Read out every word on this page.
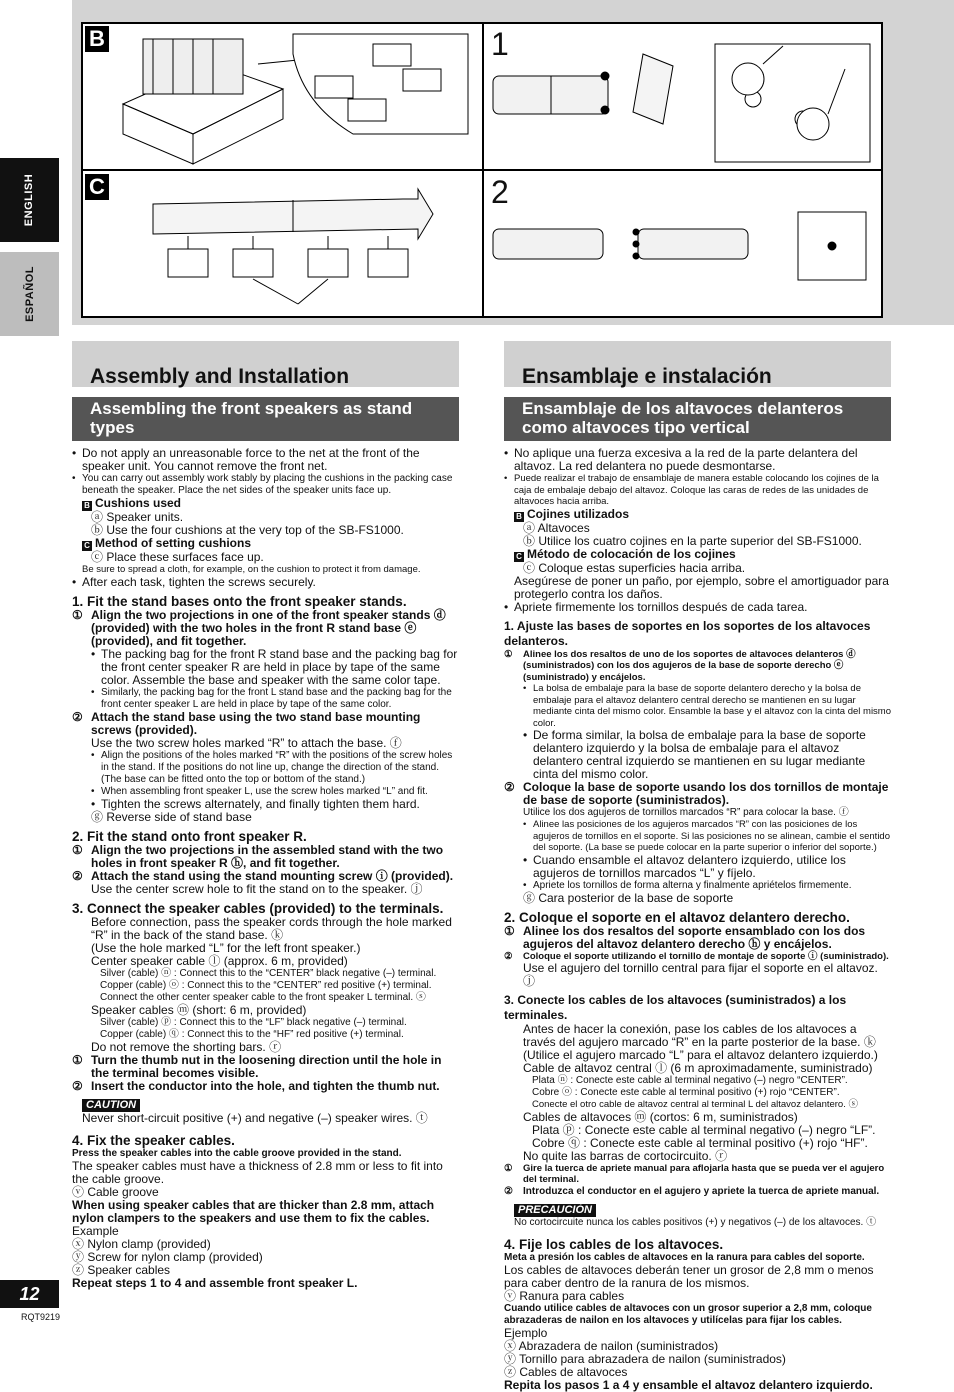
ENGLISH
ESPAÑOL
B
C
1
2
Assembly and Installation
Assembling the front speakers as stand types
• Do not apply an unreasonable force to the net at the front of the speaker unit. You cannot remove the front net.
• You can carry out assembly work stably by placing the cushions in the packing case beneath the speaker. Place the net sides of the speaker units face up.
B Cushions used
ⓐ Speaker units.
ⓑ Use the four cushions at the very top of the SB-FS1000.
C Method of setting cushions
ⓒ Place these surfaces face up.
Be sure to spread a cloth, for example, on the cushion to protect it from damage.
• After each task, tighten the screws securely.
1. Fit the stand bases onto the front speaker stands.
① Align the two projections in one of the front speaker stands ⓓ (provided) with the two holes in the front R stand base ⓔ (provided), and fit together.
• The packing bag for the front R stand base and the packing bag for the front center speaker R are held in place by tape of the same color. Assemble the base and speaker with the same color tape.
• Similarly, the packing bag for the front L stand base and the packing bag for the front center speaker L are held in place by tape of the same color.
② Attach the stand base using the two stand base mounting screws (provided).
Use the two screw holes marked “R” to attach the base. ⓕ
• Align the positions of the holes marked “R” with the positions of the screw holes in the stand. If the positions do not line up, change the direction of the stand. (The base can be fitted onto the top or bottom of the stand.)
• When assembling front speaker L, use the screw holes marked “L” and fit.
• Tighten the screws alternately, and finally tighten them hard.
ⓖ Reverse side of stand base
2. Fit the stand onto front speaker R.
① Align the two projections in the assembled stand with the two holes in front speaker R ⓗ, and fit together.
② Attach the stand using the stand mounting screw ⓘ (provided).
Use the center screw hole to fit the stand on to the speaker. ⓙ
3. Connect the speaker cables (provided) to the terminals.
Before connection, pass the speaker cords through the hole marked “R” in the back of the stand base. ⓚ
(Use the hole marked “L” for the left front speaker.)
Center speaker cable ⓛ (approx. 6 m, provided)
Silver (cable) ⓝ : Connect this to the “CENTER” black negative (–) terminal.
Copper (cable) ⓞ : Connect this to the “CENTER” red positive (+) terminal.
Connect the other center speaker cable to the front speaker L terminal. ⓢ
Speaker cables ⓜ (short: 6 m, provided)
Silver (cable) ⓟ : Connect this to the “LF” black negative (–) terminal.
Copper (cable) ⓠ : Connect this to the “HF” red positive (+) terminal.
Do not remove the shorting bars. ⓡ
① Turn the thumb nut in the loosening direction until the hole in the terminal becomes visible.
② Insert the conductor into the hole, and tighten the thumb nut.
CAUTION
Never short-circuit positive (+) and negative (–) speaker wires. ⓣ
4. Fix the speaker cables.
Press the speaker cables into the cable groove provided in the stand.
The speaker cables must have a thickness of 2.8 mm or less to fit into the cable groove.
ⓥ Cable groove
When using speaker cables that are thicker than 2.8 mm, attach nylon clampers to the speakers and use them to fix the cables.
Example
ⓧ Nylon clamp (provided)
ⓨ Screw for nylon clamp (provided)
ⓩ Speaker cables
Repeat steps 1 to 4 and assemble front speaker L.
Ensamblaje e instalación
Ensamblaje de los altavoces delanteros como altavoces tipo vertical
• No aplique una fuerza excesiva a la red de la parte delantera del altavoz. La red delantera no puede desmontarse.
• Puede realizar el trabajo de ensamblaje de manera estable colocando los cojines de la caja de embalaje debajo del altavoz. Coloque las caras de redes de las unidades de altavoces hacia arriba.
B Cojines utilizados
ⓐ Altavoces
ⓑ Utilice los cuatro cojines en la parte superior del SB-FS1000.
C Método de colocación de los cojines
ⓒ Coloque estas superficies hacia arriba.
Asegúrese de poner un paño, por ejemplo, sobre el amortiguador para protegerlo contra los daños.
• Apriete firmemente los tornillos después de cada tarea.
1. Ajuste las bases de soportes en los soportes de los altavoces delanteros.
① Alinee los dos resaltos de uno de los soportes de altavoces delanteros ⓓ (suministrados) con los dos agujeros de la base de soporte derecho ⓔ (suministrado) y encájelos.
• La bolsa de embalaje para la base de soporte delantero derecho y la bolsa de embalaje para el altavoz delantero central derecho se mantienen en su lugar mediante cinta del mismo color. Ensamble la base y el altavoz con la cinta del mismo color.
• De forma similar, la bolsa de embalaje para la base de soporte delantero izquierdo y la bolsa de embalaje para el altavoz delantero central izquierdo se mantienen en su lugar mediante cinta del mismo color.
② Coloque la base de soporte usando los dos tornillos de montaje de base de soporte (suministrados).
Utilice los dos agujeros de tornillos marcados “R” para colocar la base. ⓕ
• Alinee las posiciones de los agujeros marcados “R” con las posiciones de los agujeros de tornillos en el soporte. Si las posiciones no se alinean, cambie el sentido del soporte. (La base se puede colocar en la parte superior o inferior del soporte.)
• Cuando ensamble el altavoz delantero izquierdo, utilice los agujeros de tornillos marcados “L” y fíjelo.
• Apriete los tornillos de forma alterna y finalmente apriételos firmemente.
ⓖ Cara posterior de la base de soporte
2. Coloque el soporte en el altavoz delantero derecho.
① Alinee los dos resaltos del soporte ensamblado con los dos agujeros del altavoz delantero derecho ⓗ y encájelos.
② Coloque el soporte utilizando el tornillo de montaje de soporte ⓘ (suministrado).
Use el agujero del tornillo central para fijar el soporte en el altavoz. ⓙ
3. Conecte los cables de los altavoces (suministrados) a los terminales.
Antes de hacer la conexión, pase los cables de los altavoces a través del agujero marcado “R” en la parte posterior de la base. ⓚ
(Utilice el agujero marcado “L” para el altavoz delantero izquierdo.)
Cable de altavoz central ⓛ (6 m aproximadamente, suministrado)
Plata ⓝ : Conecte este cable al terminal negativo (–) negro “CENTER”.
Cobre ⓞ : Conecte este cable al terminal positivo (+) rojo “CENTER”.
Conecte el otro cable de altavoz central al terminal L del altavoz delantero. ⓢ
Cables de altavoces ⓜ (cortos: 6 m, suministrados)
Plata ⓟ : Conecte este cable al terminal negativo (–) negro “LF”.
Cobre ⓠ : Conecte este cable al terminal positivo (+) rojo “HF”.
No quite las barras de cortocircuito. ⓡ
① Gire la tuerca de apriete manual para aflojarla hasta que se pueda ver el agujero del terminal.
② Introduzca el conductor en el agujero y apriete la tuerca de apriete manual.
PRECAUCIÓN
No cortocircuite nunca los cables positivos (+) y negativos (–) de los altavoces. ⓣ
4. Fije los cables de los altavoces.
Meta a presión los cables de altavoces en la ranura para cables del soporte.
Los cables de altavoces deberán tener un grosor de 2,8 mm o menos para caber dentro de la ranura de los mismos.
ⓥ Ranura para cables
Cuando utilice cables de altavoces con un grosor superior a 2,8 mm, coloque abrazaderas de nailon en los altavoces y utilícelas para fijar los cables.
Ejemplo
ⓧ Abrazadera de nailon (suministrados)
ⓨ Tornillo para abrazadera de nailon (suministrados)
ⓩ Cables de altavoces
Repita los pasos 1 a 4 y ensamble el altavoz delantero izquierdo.
12
RQT9219
